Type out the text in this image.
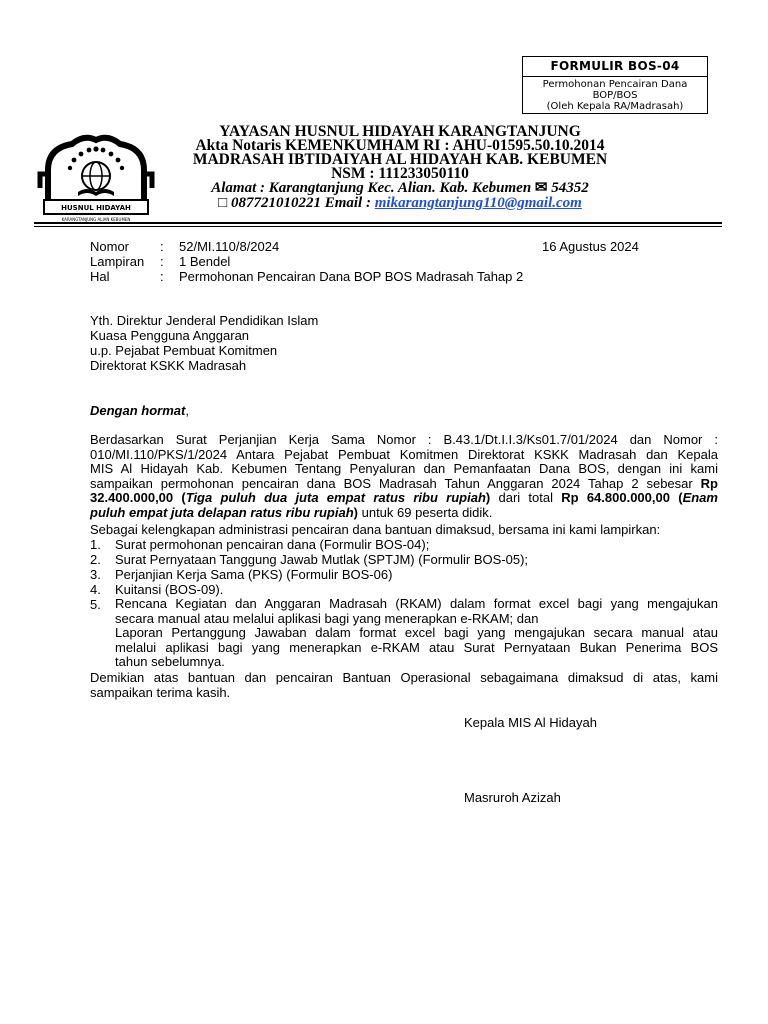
FORMULIR BOS-04
Permohonan Pencairan Dana
BOP/BOS
(Oleh Kepala RA/Madrasah)
HUSNUL HIDAYAH
KARANGTANJUNG ALIAN KEBUMEN
YAYASAN HUSNUL HIDAYAH KARANGTANJUNG
Akta Notaris KEMENKUMHAM RI : AHU-01595.50.10.2014
MADRASAH IBTIDAIYAH AL HIDAYAH KAB. KEBUMEN
NSM : 111233050110
Alamat : Karangtanjung Kec. Alian. Kab. Kebumen ✉ 54352
□ 087721010221 Email : mikarangtanjung110@gmail.com
Nomor : 52/MI.110/8/2024	16 Agustus 2024
Lampiran : 1 Bendel
Hal	: Permohonan Pencairan Dana BOP BOS Madrasah Tahap 2
Yth. Direktur Jenderal Pendidikan Islam
Kuasa Pengguna Anggaran
u.p. Pejabat Pembuat Komitmen
Direktorat KSKK Madrasah
Dengan hormat,
Berdasarkan Surat Perjanjian Kerja Sama Nomor : B.43.1/Dt.I.I.3/Ks01.7/01/2024 dan Nomor :
010/MI.110/PKS/1/2024 Antara Pejabat Pembuat Komitmen Direktorat KSKK Madrasah dan Kepala
MIS Al Hidayah Kab. Kebumen Tentang Penyaluran dan Pemanfaatan Dana BOS, dengan ini kami
sampaikan permohonan pencairan dana BOS Madrasah Tahun Anggaran 2024 Tahap 2 sebesar Rp
32.400.000,00 (Tiga puluh dua juta empat ratus ribu rupiah) dari total Rp 64.800.000,00 (Enam
puluh empat juta delapan ratus ribu rupiah) untuk 69 peserta didik.
Sebagai kelengkapan administrasi pencairan dana bantuan dimaksud, bersama ini kami lampirkan:
1. Surat permohonan pencairan dana (Formulir BOS-04);
2. Surat Pernyataan Tanggung Jawab Mutlak (SPTJM) (Formulir BOS-05);
3. Perjanjian Kerja Sama (PKS) (Formulir BOS-06)
4. Kuitansi (BOS-09).
5. Rencana Kegiatan dan Anggaran Madrasah (RKAM) dalam format excel bagi yang mengajukan
secara manual atau melalui aplikasi bagi yang menerapkan e-RKAM; dan
Laporan Pertanggung Jawaban dalam format excel bagi yang mengajukan secara manual atau
melalui aplikasi bagi yang menerapkan e-RKAM atau Surat Pernyataan Bukan Penerima BOS
tahun sebelumnya.
Demikian atas bantuan dan pencairan Bantuan Operasional sebagaimana dimaksud di atas, kami
sampaikan terima kasih.
Kepala MIS Al Hidayah
Masruroh Azizah
